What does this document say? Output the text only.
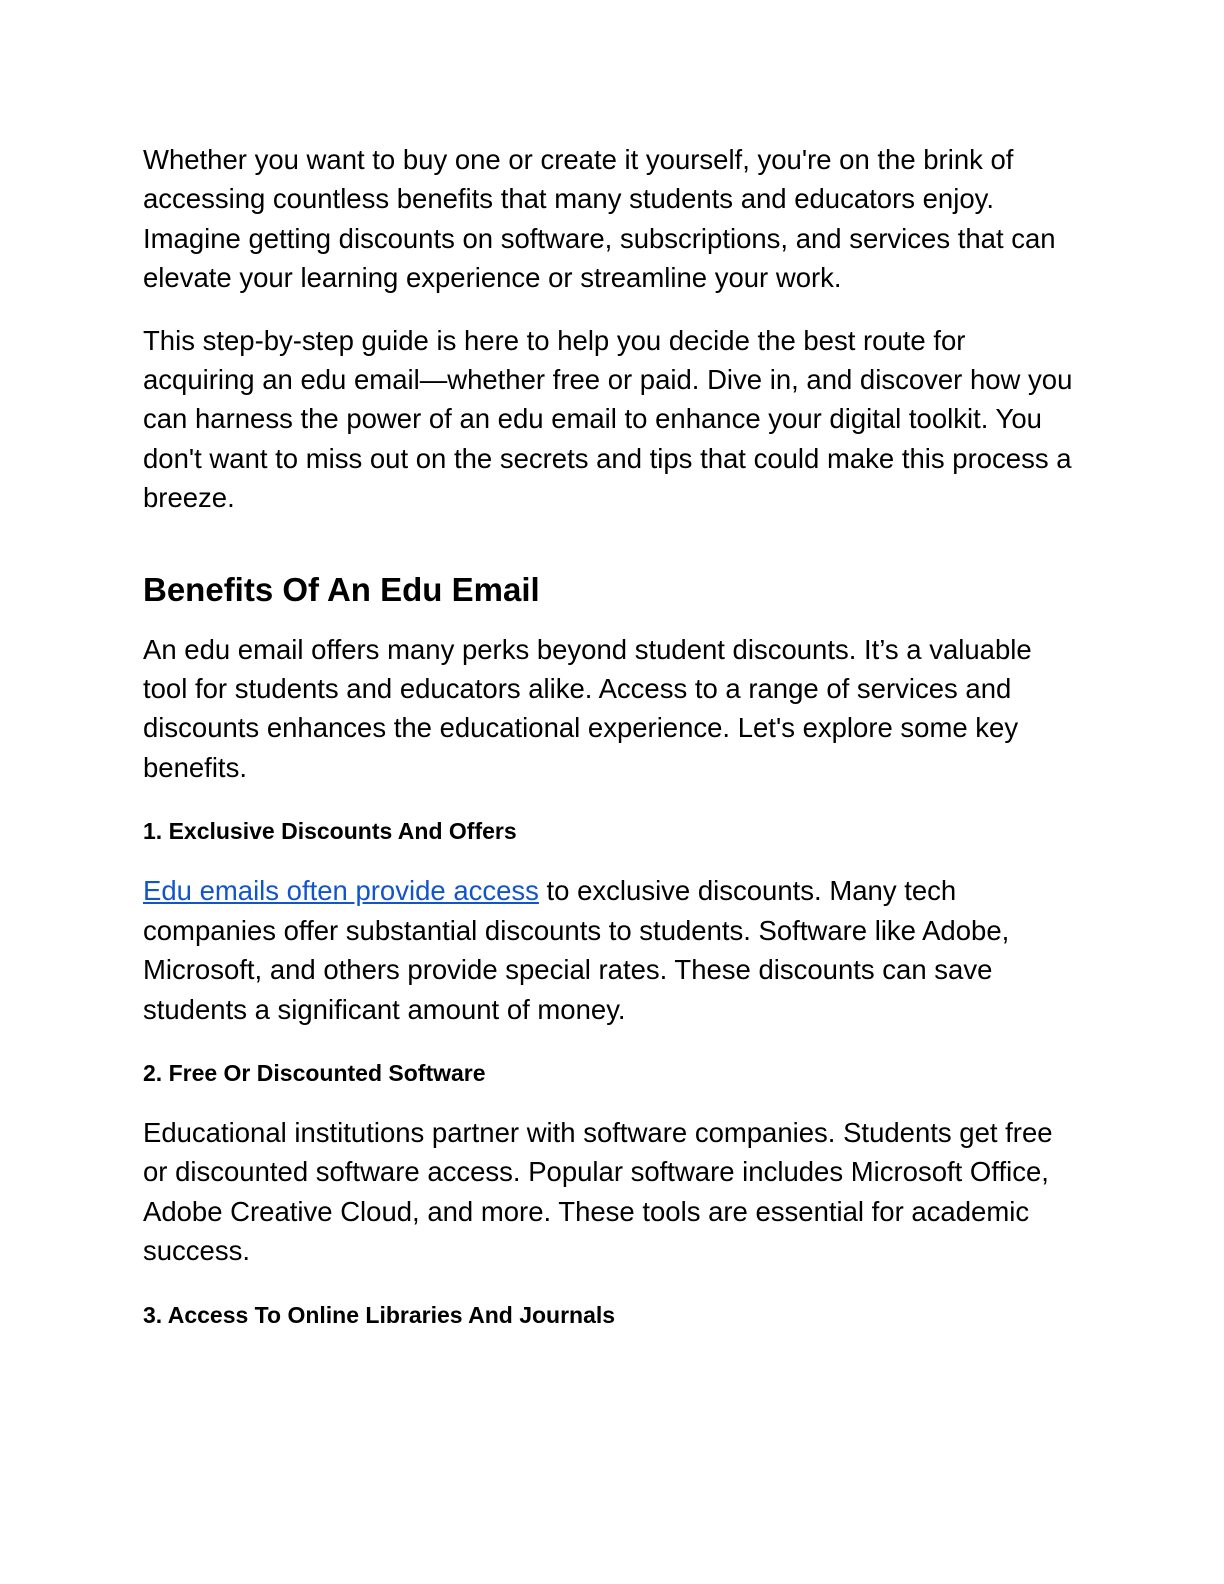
Whether you want to buy one or create it yourself, you're on the brink of accessing countless benefits that many students and educators enjoy. Imagine getting discounts on software, subscriptions, and services that can elevate your learning experience or streamline your work.

This step-by-step guide is here to help you decide the best route for acquiring an edu email—whether free or paid. Dive in, and discover how you can harness the power of an edu email to enhance your digital toolkit. You don't want to miss out on the secrets and tips that could make this process a breeze.

Benefits Of An Edu Email

An edu email offers many perks beyond student discounts. It’s a valuable tool for students and educators alike. Access to a range of services and discounts enhances the educational experience. Let's explore some key benefits.

1. Exclusive Discounts And Offers

Edu emails often provide access to exclusive discounts. Many tech companies offer substantial discounts to students. Software like Adobe, Microsoft, and others provide special rates. These discounts can save students a significant amount of money.

2. Free Or Discounted Software

Educational institutions partner with software companies. Students get free or discounted software access. Popular software includes Microsoft Office, Adobe Creative Cloud, and more. These tools are essential for academic success.

3. Access To Online Libraries And Journals
